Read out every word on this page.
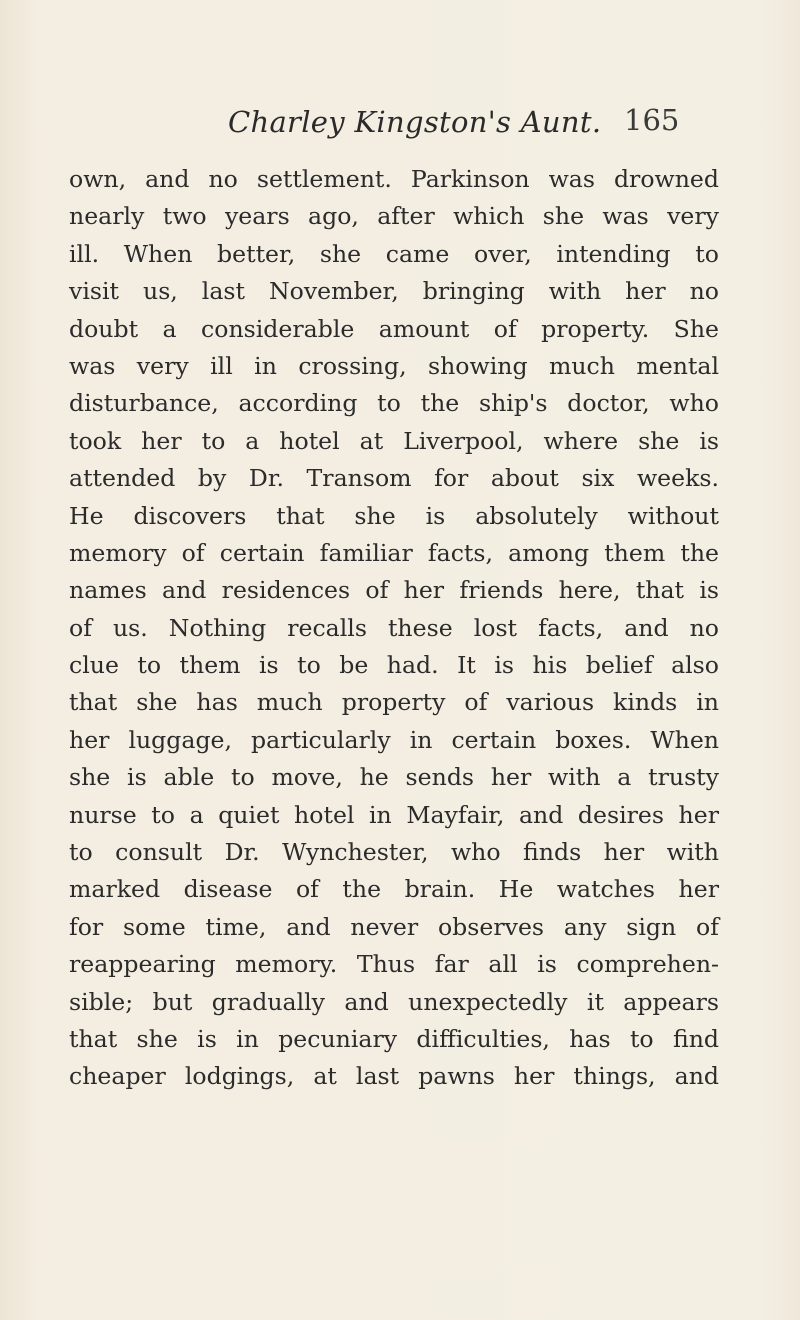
Charley Kingston's Aunt. 165
own, and no settlement. Parkinson was drowned
nearly two years ago, after which she was very
ill. When better, she came over, intending to
visit us, last November, bringing with her no
doubt a considerable amount of property. She
was very ill in crossing, showing much mental
disturbance, according to the ship's doctor, who
took her to a hotel at Liverpool, where she is
attended by Dr. Transom for about six weeks.
He discovers that she is absolutely without
memory of certain familiar facts, among them the
names and residences of her friends here, that is
of us. Nothing recalls these lost facts, and no
clue to them is to be had. It is his belief also
that she has much property of various kinds in
her luggage, particularly in certain boxes. When
she is able to move, he sends her with a trusty
nurse to a quiet hotel in Mayfair, and desires her
to consult Dr. Wynchester, who finds her with
marked disease of the brain. He watches her
for some time, and never observes any sign of
reappearing memory. Thus far all is comprehen-
sible; but gradually and unexpectedly it appears
that she is in pecuniary difficulties, has to find
cheaper lodgings, at last pawns her things, and
